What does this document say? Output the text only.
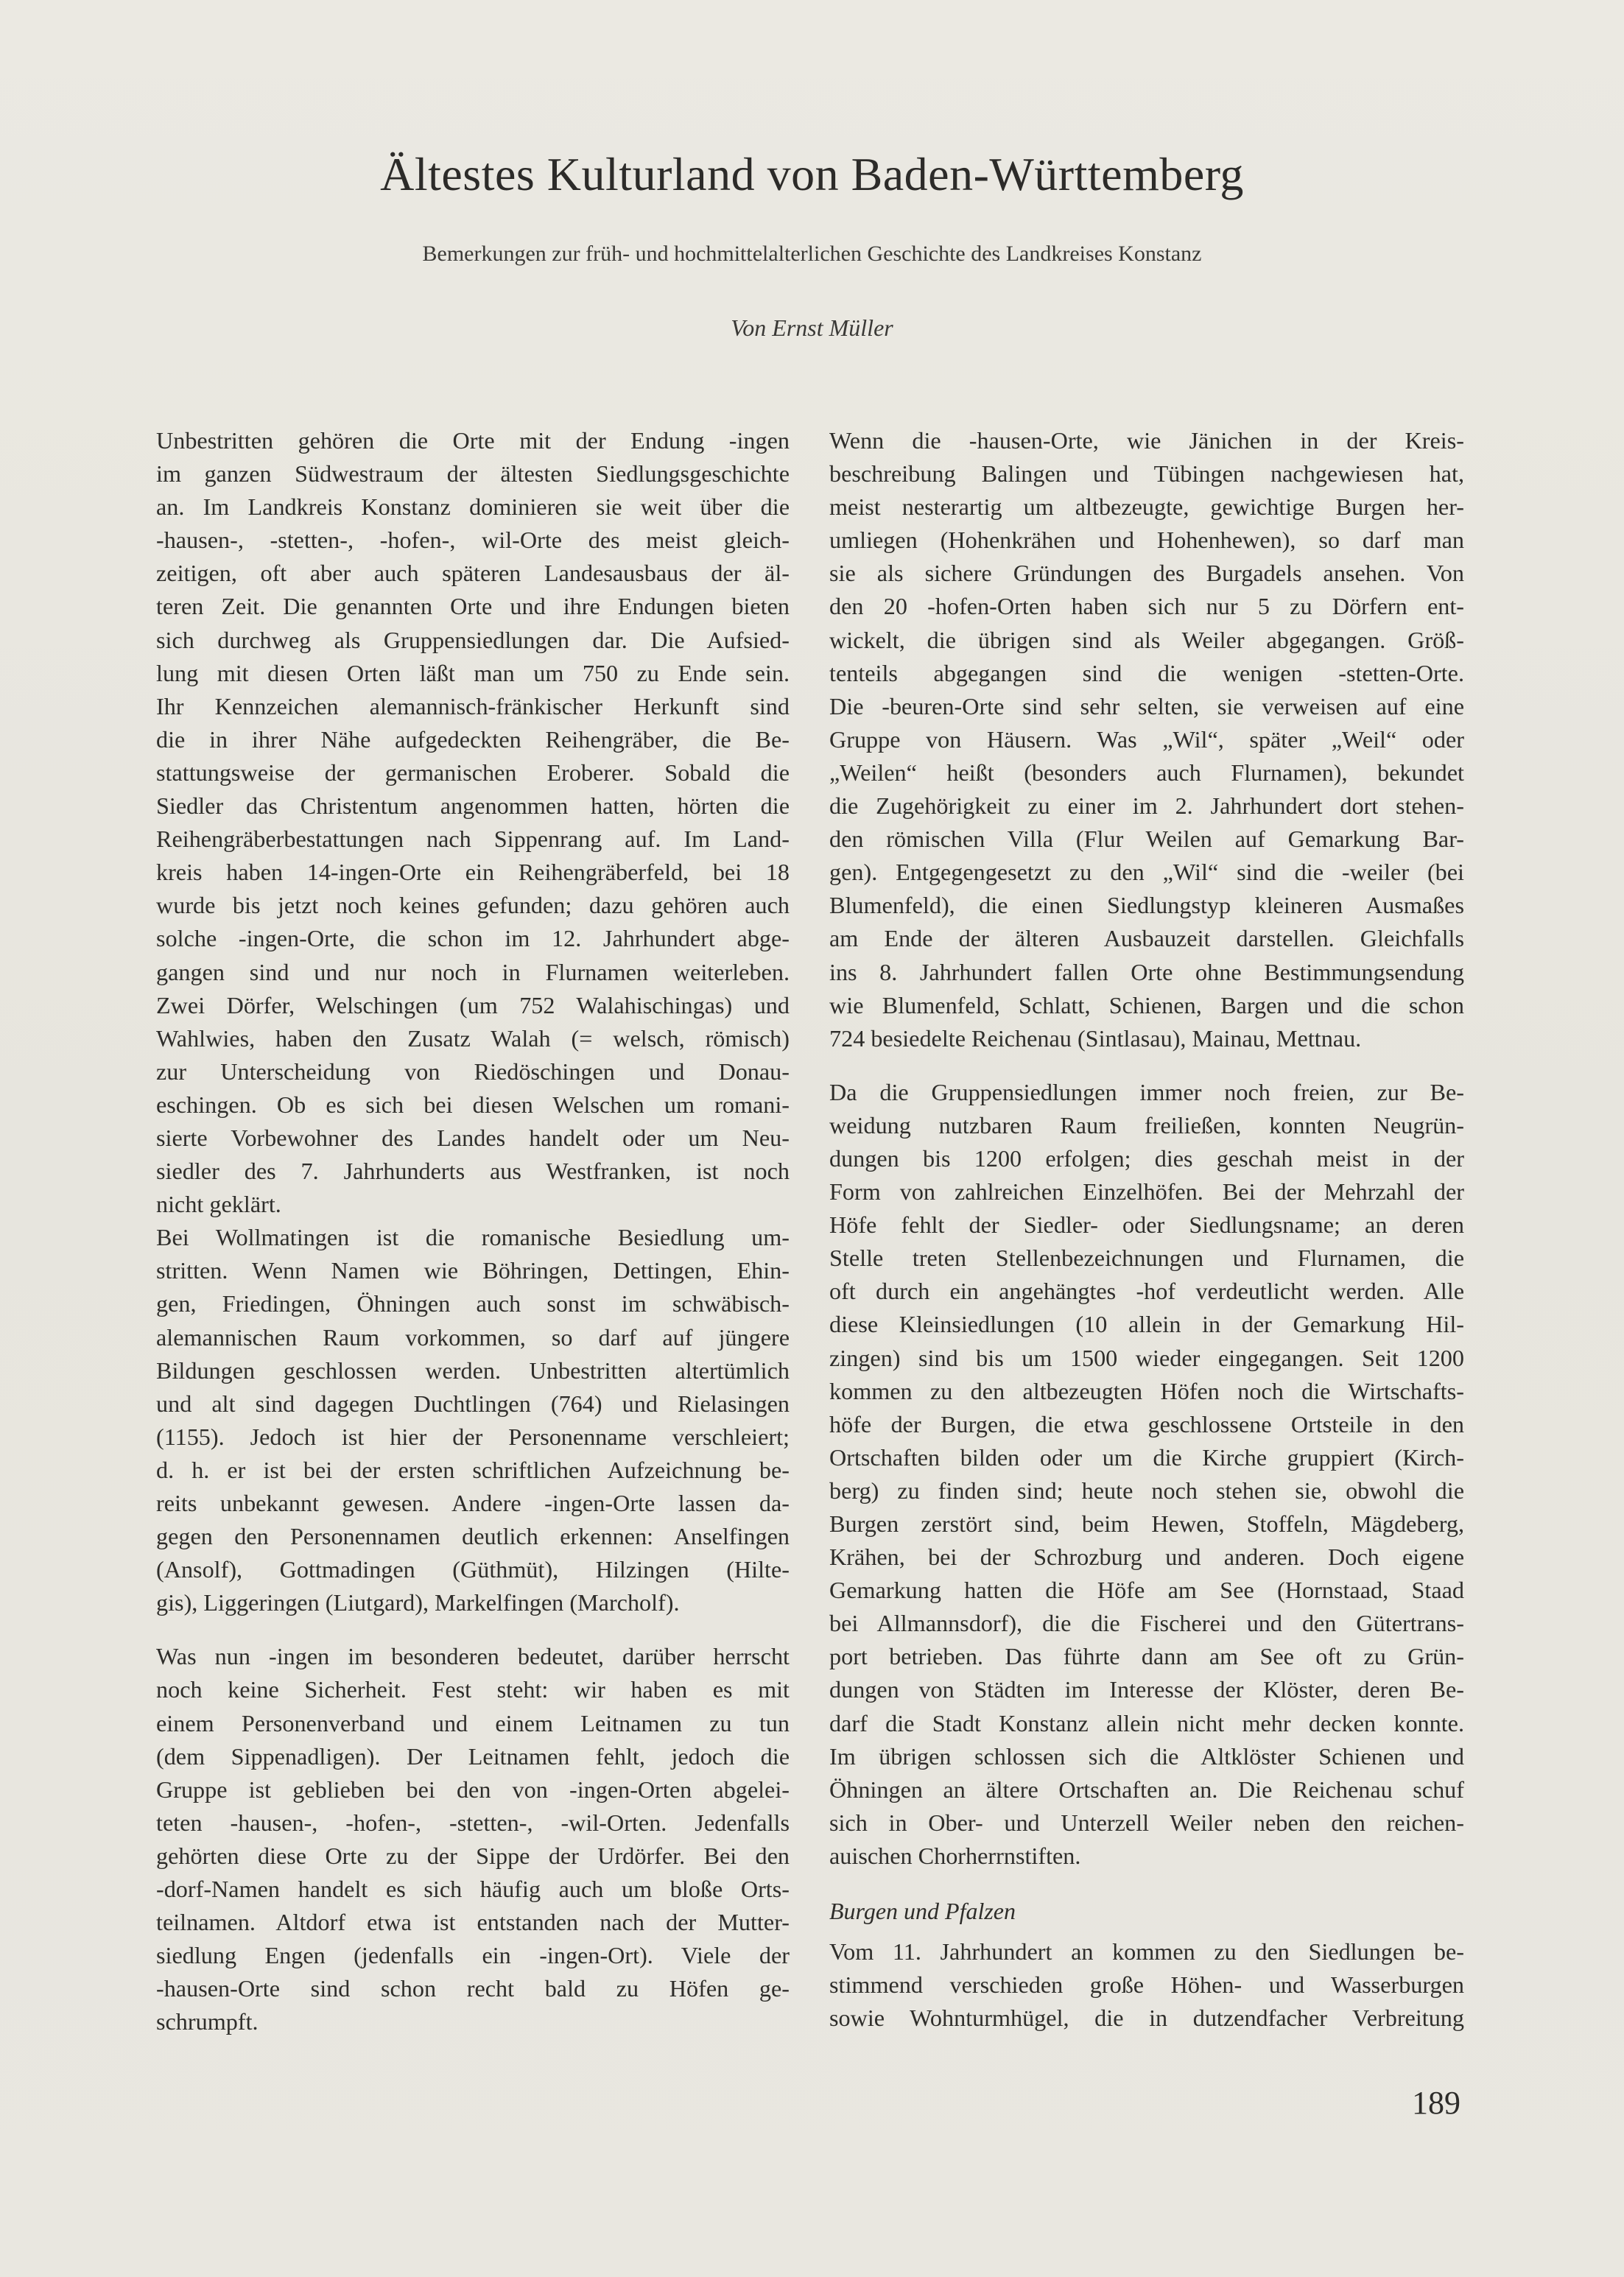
Ältestes Kulturland von Baden-Württemberg
Bemerkungen zur früh- und hochmittelalterlichen Geschichte des Landkreises Konstanz
Von Ernst Müller

Unbestritten gehören die Orte mit der Endung -ingen
im ganzen Südwestraum der ältesten Siedlungsgeschichte
an. Im Landkreis Konstanz dominieren sie weit über die
-hausen-, -stetten-, -hofen-, wil-Orte des meist gleich-
zeitigen, oft aber auch späteren Landesausbaus der äl-
teren Zeit. Die genannten Orte und ihre Endungen bieten
sich durchweg als Gruppensiedlungen dar. Die Aufsied-
lung mit diesen Orten läßt man um 750 zu Ende sein.
Ihr Kennzeichen alemannisch-fränkischer Herkunft sind
die in ihrer Nähe aufgedeckten Reihengräber, die Be-
stattungsweise der germanischen Eroberer. Sobald die
Siedler das Christentum angenommen hatten, hörten die
Reihengräberbestattungen nach Sippenrang auf. Im Land-
kreis haben 14-ingen-Orte ein Reihengräberfeld, bei 18
wurde bis jetzt noch keines gefunden; dazu gehören auch
solche -ingen-Orte, die schon im 12. Jahrhundert abge-
gangen sind und nur noch in Flurnamen weiterleben.
Zwei Dörfer, Welschingen (um 752 Walahischingas) und
Wahlwies, haben den Zusatz Walah (= welsch, römisch)
zur Unterscheidung von Riedöschingen und Donau-
eschingen. Ob es sich bei diesen Welschen um romani-
sierte Vorbewohner des Landes handelt oder um Neu-
siedler des 7. Jahrhunderts aus Westfranken, ist noch
nicht geklärt.

Bei Wollmatingen ist die romanische Besiedlung um-
stritten. Wenn Namen wie Böhringen, Dettingen, Ehin-
gen, Friedingen, Öhningen auch sonst im schwäbisch-
alemannischen Raum vorkommen, so darf auf jüngere
Bildungen geschlossen werden. Unbestritten altertümlich
und alt sind dagegen Duchtlingen (764) und Rielasingen
(1155). Jedoch ist hier der Personenname verschleiert;
d. h. er ist bei der ersten schriftlichen Aufzeichnung be-
reits unbekannt gewesen. Andere -ingen-Orte lassen da-
gegen den Personennamen deutlich erkennen: Anselfingen
(Ansolf), Gottmadingen (Güthmüt), Hilzingen (Hilte-
gis), Liggeringen (Liutgard), Markelfingen (Marcholf).

Was nun -ingen im besonderen bedeutet, darüber herrscht
noch keine Sicherheit. Fest steht: wir haben es mit
einem Personenverband und einem Leitnamen zu tun
(dem Sippenadligen). Der Leitnamen fehlt, jedoch die
Gruppe ist geblieben bei den von -ingen-Orten abgelei-
teten -hausen-, -hofen-, -stetten-, -wil-Orten. Jedenfalls
gehörten diese Orte zu der Sippe der Urdörfer. Bei den
-dorf-Namen handelt es sich häufig auch um bloße Orts-
teilnamen. Altdorf etwa ist entstanden nach der Mutter-
siedlung Engen (jedenfalls ein -ingen-Ort). Viele der
-hausen-Orte sind schon recht bald zu Höfen ge-
schrumpft.

Wenn die -hausen-Orte, wie Jänichen in der Kreis-
beschreibung Balingen und Tübingen nachgewiesen hat,
meist nesterartig um altbezeugte, gewichtige Burgen her-
umliegen (Hohenkrähen und Hohenhewen), so darf man
sie als sichere Gründungen des Burgadels ansehen. Von
den 20 -hofen-Orten haben sich nur 5 zu Dörfern ent-
wickelt, die übrigen sind als Weiler abgegangen. Größ-
tenteils abgegangen sind die wenigen -stetten-Orte.
Die -beuren-Orte sind sehr selten, sie verweisen auf eine
Gruppe von Häusern. Was „Wil“, später „Weil“ oder
„Weilen“ heißt (besonders auch Flurnamen), bekundet
die Zugehörigkeit zu einer im 2. Jahrhundert dort stehen-
den römischen Villa (Flur Weilen auf Gemarkung Bar-
gen). Entgegengesetzt zu den „Wil“ sind die -weiler (bei
Blumenfeld), die einen Siedlungstyp kleineren Ausmaßes
am Ende der älteren Ausbauzeit darstellen. Gleichfalls
ins 8. Jahrhundert fallen Orte ohne Bestimmungsendung
wie Blumenfeld, Schlatt, Schienen, Bargen und die schon
724 besiedelte Reichenau (Sintlasau), Mainau, Mettnau.

Da die Gruppensiedlungen immer noch freien, zur Be-
weidung nutzbaren Raum freiließen, konnten Neugrün-
dungen bis 1200 erfolgen; dies geschah meist in der
Form von zahlreichen Einzelhöfen. Bei der Mehrzahl der
Höfe fehlt der Siedler- oder Siedlungsname; an deren
Stelle treten Stellenbezeichnungen und Flurnamen, die
oft durch ein angehängtes -hof verdeutlicht werden. Alle
diese Kleinsiedlungen (10 allein in der Gemarkung Hil-
zingen) sind bis um 1500 wieder eingegangen. Seit 1200
kommen zu den altbezeugten Höfen noch die Wirtschafts-
höfe der Burgen, die etwa geschlossene Ortsteile in den
Ortschaften bilden oder um die Kirche gruppiert (Kirch-
berg) zu finden sind; heute noch stehen sie, obwohl die
Burgen zerstört sind, beim Hewen, Stoffeln, Mägdeberg,
Krähen, bei der Schrozburg und anderen. Doch eigene
Gemarkung hatten die Höfe am See (Hornstaad, Staad
bei Allmannsdorf), die die Fischerei und den Gütertrans-
port betrieben. Das führte dann am See oft zu Grün-
dungen von Städten im Interesse der Klöster, deren Be-
darf die Stadt Konstanz allein nicht mehr decken konnte.
Im übrigen schlossen sich die Altklöster Schienen und
Öhningen an ältere Ortschaften an. Die Reichenau schuf
sich in Ober- und Unterzell Weiler neben den reichen-
auischen Chorherrnstiften.

Burgen und Pfalzen

Vom 11. Jahrhundert an kommen zu den Siedlungen be-
stimmend verschieden große Höhen- und Wasserburgen
sowie Wohnturmhügel, die in dutzendfacher Verbreitung

189
